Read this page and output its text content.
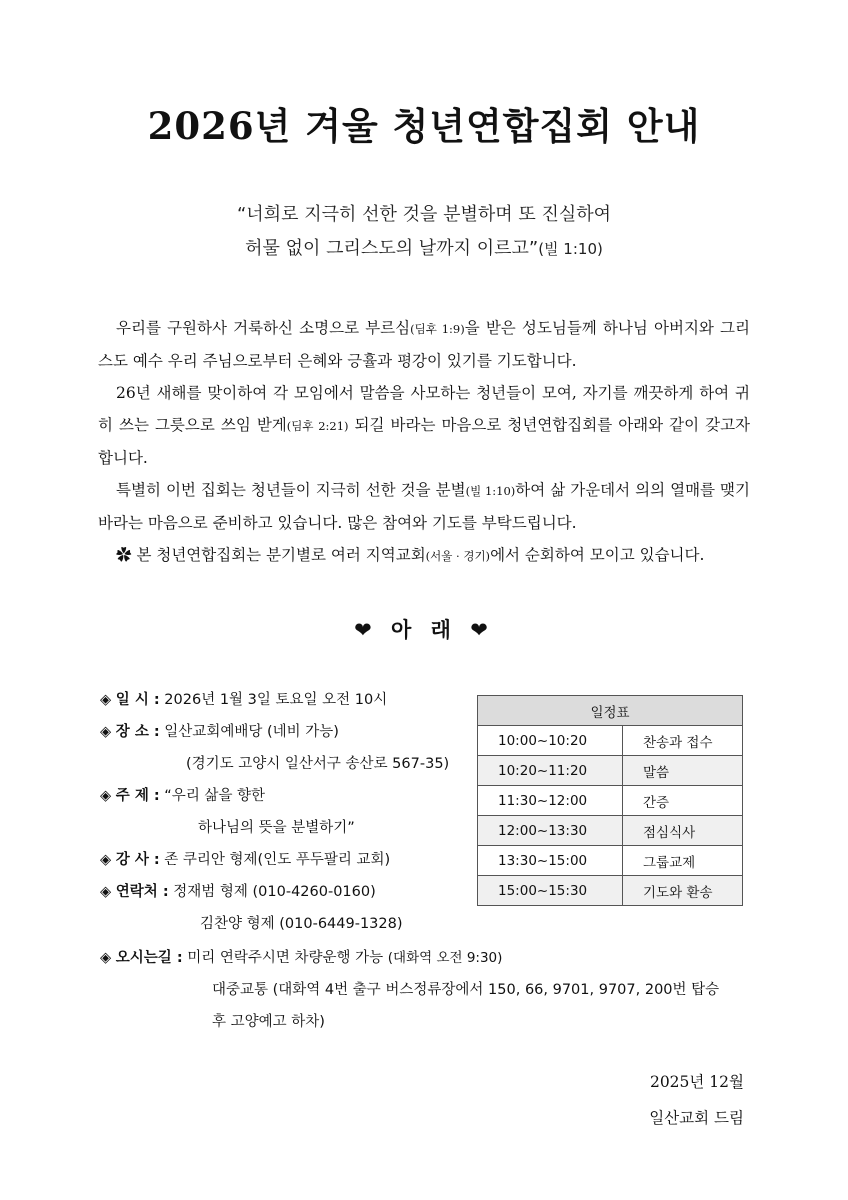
2026년 겨울 청년연합집회 안내
“너희로 지극히 선한 것을 분별하며 또 진실하여
허물 없이 그리스도의 날까지 이르고”(빌 1:10)

우리를 구원하사 거룩하신 소명으로 부르심(딤후 1:9)을 받은 성도님들께 하나님 아버지와 그리스도 예수 우리 주님으로부터 은혜와 긍휼과 평강이 있기를 기도합니다.

26년 새해를 맞이하여 각 모임에서 말씀을 사모하는 청년들이 모여, 자기를 깨끗하게 하여 귀히 쓰는 그릇으로 쓰임 받게(딤후 2:21) 되길 바라는 마음으로 청년연합집회를 아래와 같이 갖고자 합니다.

특별히 이번 집회는 청년들이 지극히 선한 것을 분별(빌 1:10)하여 삶 가운데서 의의 열매를 맺기 바라는 마음으로 준비하고 있습니다. 많은 참여와 기도를 부탁드립니다.

✿ 본 청년연합집회는 분기별로 여러 지역교회(서울 · 경기)에서 순회하여 모이고 있습니다.

❤ 아 래 ❤
◈ 일 시 : 2026년 1월 3일 토요일 오전 10시
◈ 장 소 : 일산교회예배당 (네비 가능)
(경기도 고양시 일산서구 송산로 567-35)
◈ 주 제 : “우리 삶을 향한
하나님의 뜻을 분별하기”
◈ 강 사 : 존 쿠리안 형제(인도 푸두팔리 교회)
◈ 연락처 : 정재범 형제 (010-4260-0160)
김찬양 형제 (010-6449-1328)
◈ 오시는길 : 미리 연락주시면 차량운행 가능 (대화역 오전 9:30)
대중교통 (대화역 4번 출구 버스정류장에서 150, 66, 9701, 9707, 200번 탑승
후 고양예고 하차)
일정표	
10:00~10:20	찬송과 접수
10:20~11:20	말씀
11:30~12:00	간증
12:00~13:30	점심식사
13:30~15:00	그룹교제
15:00~15:30	기도와 환송
2025년 12월
일산교회 드림
